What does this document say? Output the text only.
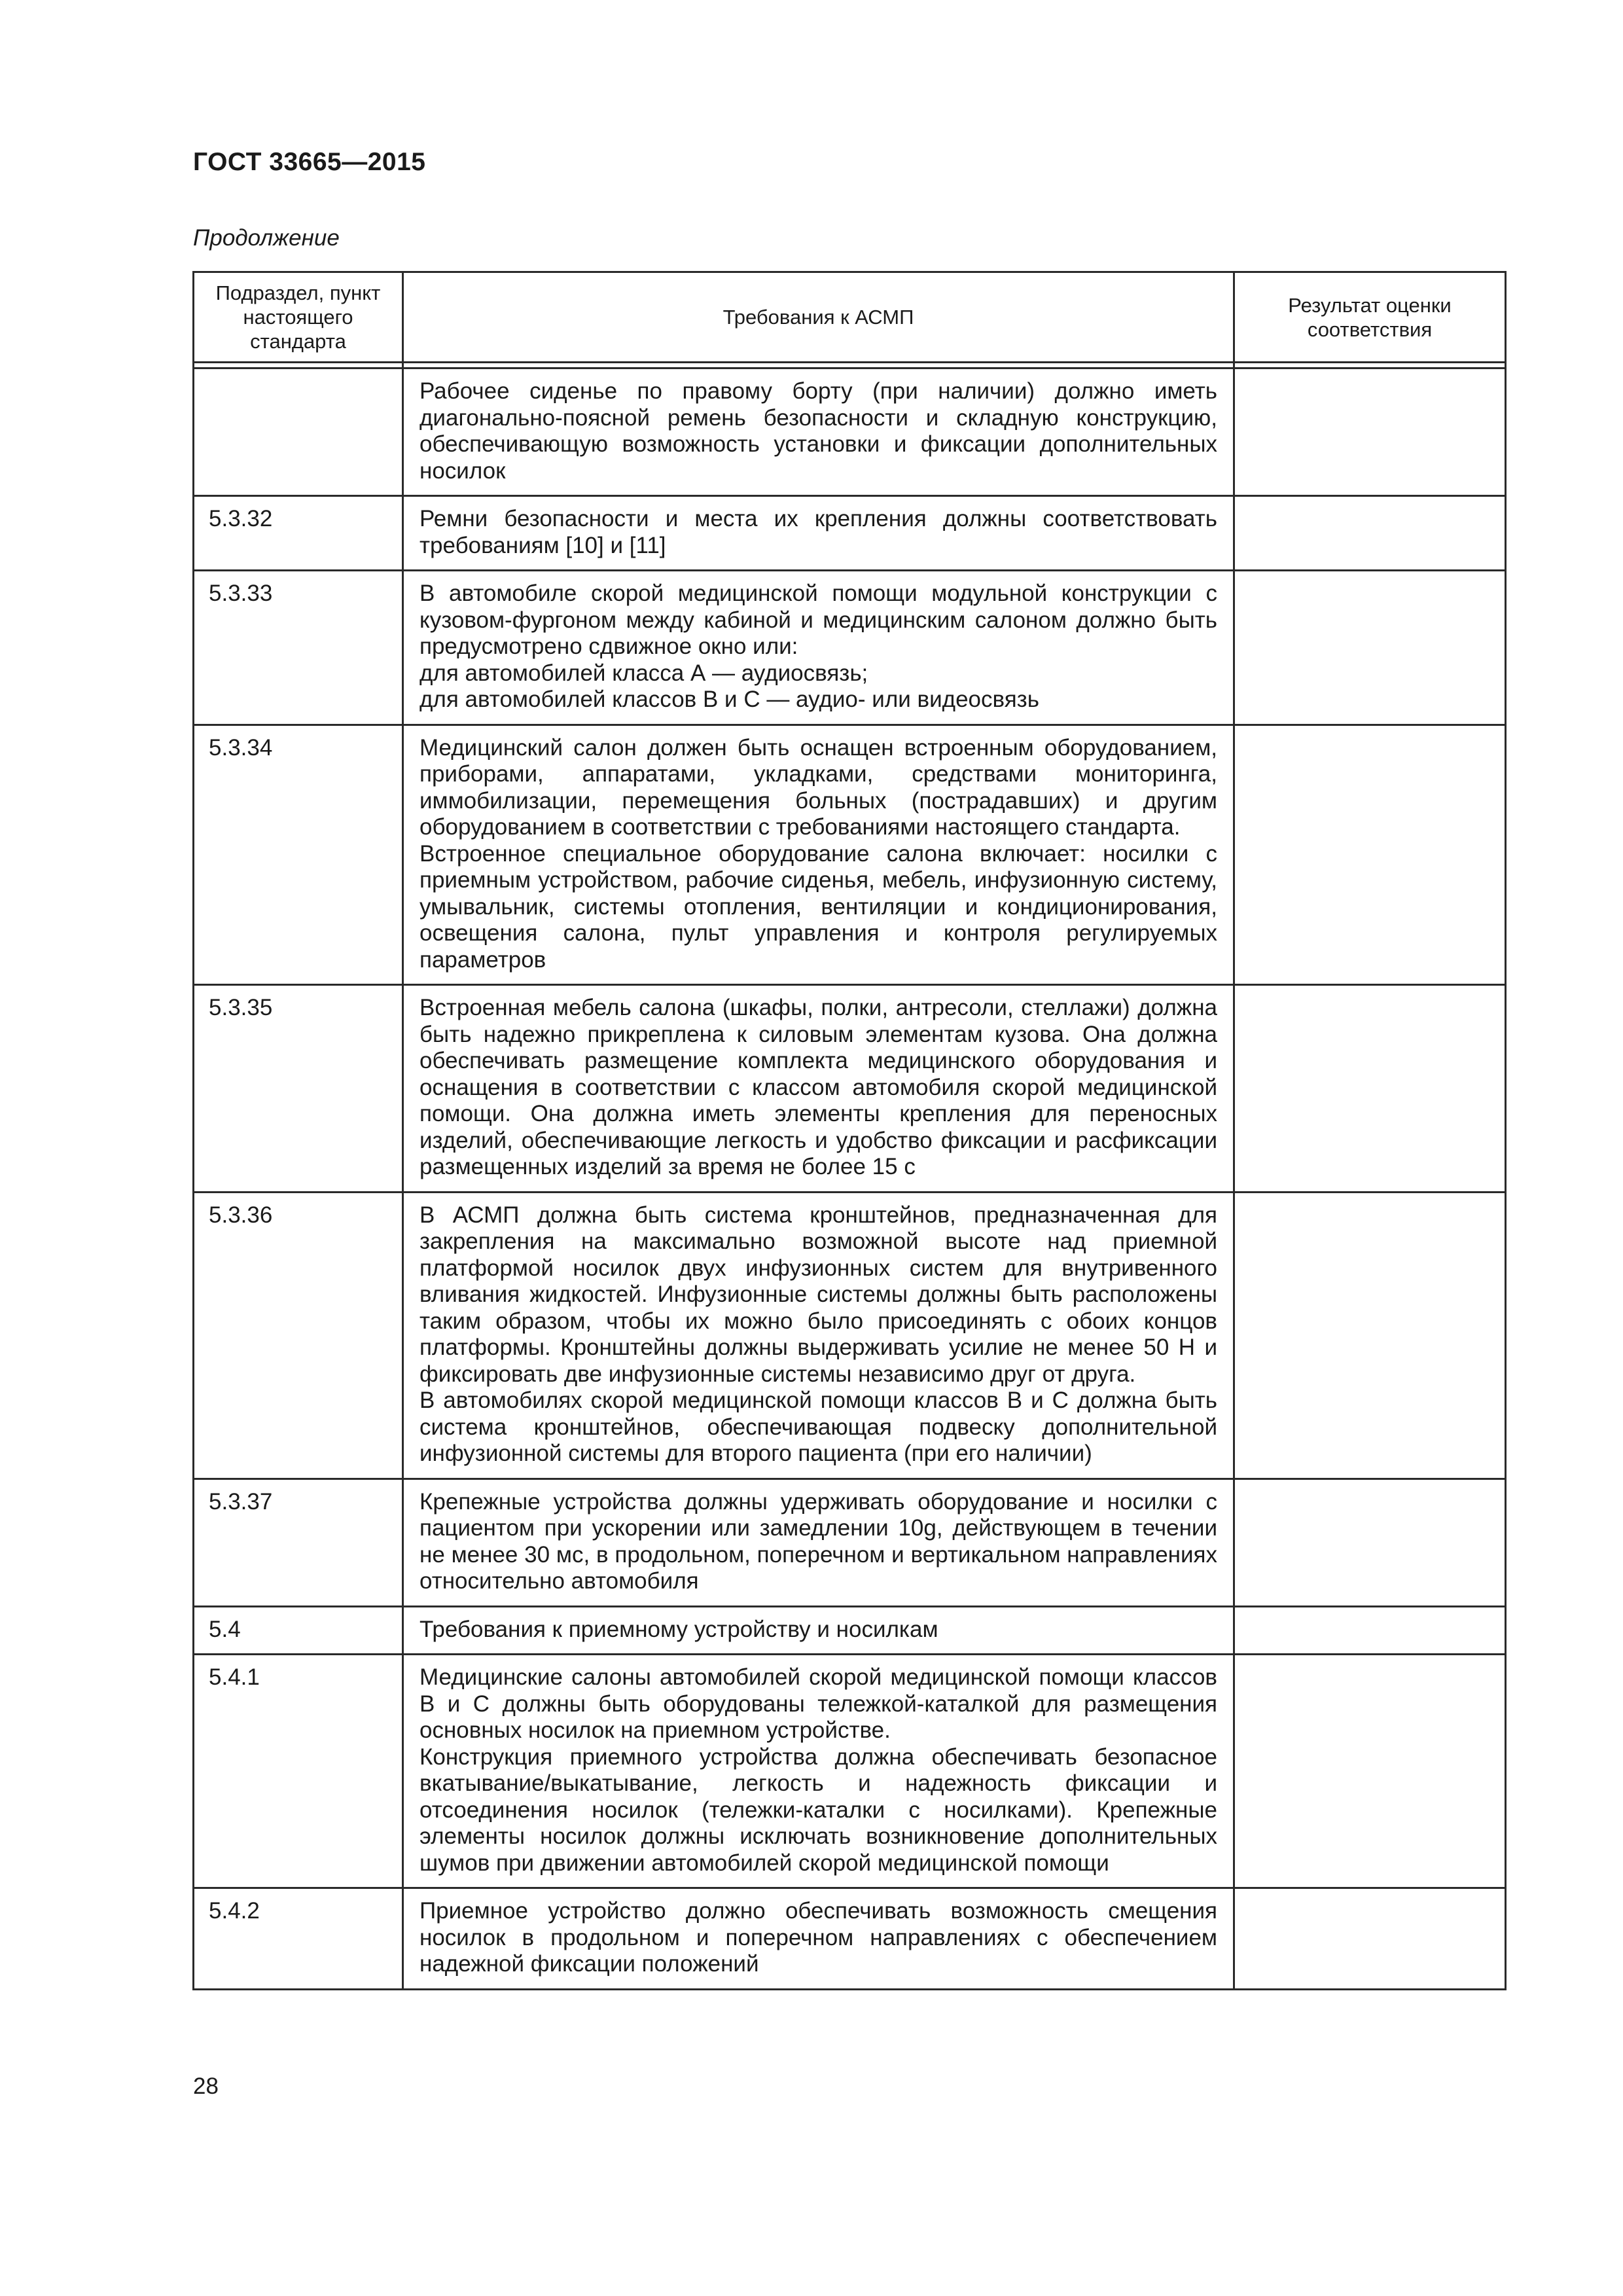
ГОСТ 33665—2015
Продолжение
Подраздел, пункт настоящего стандарта	Требования к АСМП	Результат оценки соответствия

	Рабочее сиденье по правому борту (при наличии) должно иметь диагонально-поясной ремень безопасности и складную конструкцию, обеспечивающую возможность установки и фиксации дополнительных носилок	

5.3.32	Ремни безопасности и места их крепления должны соответствовать требованиям [10] и [11]	

5.3.33	В автомобиле скорой медицинской помощи модульной конструкции с кузовом-фургоном между кабиной и медицинским салоном должно быть предусмотрено сдвижное окно или:
для автомобилей класса А — аудиосвязь;
для автомобилей классов В и С — аудио- или видеосвязь	

5.3.34	Медицинский салон должен быть оснащен встроенным оборудованием, приборами, аппаратами, укладками, средствами мониторинга, иммобилизации, перемещения больных (пострадавших) и другим оборудованием в соответствии с требованиями настоящего стандарта.
Встроенное специальное оборудование салона включает: носилки с приемным устройством, рабочие сиденья, мебель, инфузионную систему, умывальник, системы отопления, вентиляции и кондиционирования, освещения салона, пульт управления и контроля регулируемых параметров	

5.3.35	Встроенная мебель салона (шкафы, полки, антресоли, стеллажи) должна быть надежно прикреплена к силовым элементам кузова. Она должна обеспечивать размещение комплекта медицинского оборудования и оснащения в соответствии с классом автомобиля скорой медицинской помощи. Она должна иметь элементы крепления для переносных изделий, обеспечивающие легкость и удобство фиксации и расфиксации размещенных изделий за время не более 15 с	

5.3.36	В АСМП должна быть система кронштейнов, предназначенная для закрепления на максимально возможной высоте над приемной платформой носилок двух инфузионных систем для внутривенного вливания жидкостей. Инфузионные системы должны быть расположены таким образом, чтобы их можно было присоединять с обоих концов платформы. Кронштейны должны выдерживать усилие не менее 50 Н и фиксировать две инфузионные системы независимо друг от друга.
В автомобилях скорой медицинской помощи классов В и С должна быть система кронштейнов, обеспечивающая подвеску дополнительной инфузионной системы для второго пациента (при его наличии)	

5.3.37	Крепежные устройства должны удерживать оборудование и носилки с пациентом при ускорении или замедлении 10g, действующем в течении не менее 30 мс, в продольном, поперечном и вертикальном направлениях относительно автомобиля	

5.4	Требования к приемному устройству и носилкам	

5.4.1	Медицинские салоны автомобилей скорой медицинской помощи классов В и С должны быть оборудованы тележкой-каталкой для размещения основных носилок на приемном устройстве.
Конструкция приемного устройства должна обеспечивать безопасное вкатывание/выкатывание, легкость и надежность фиксации и отсоединения носилок (тележки-каталки с носилками). Крепежные элементы носилок должны исключать возникновение дополнительных шумов при движении автомобилей скорой медицинской помощи	

5.4.2	Приемное устройство должно обеспечивать возможность смещения носилок в продольном и поперечном направлениях с обеспечением надежной фиксации положений	

28
